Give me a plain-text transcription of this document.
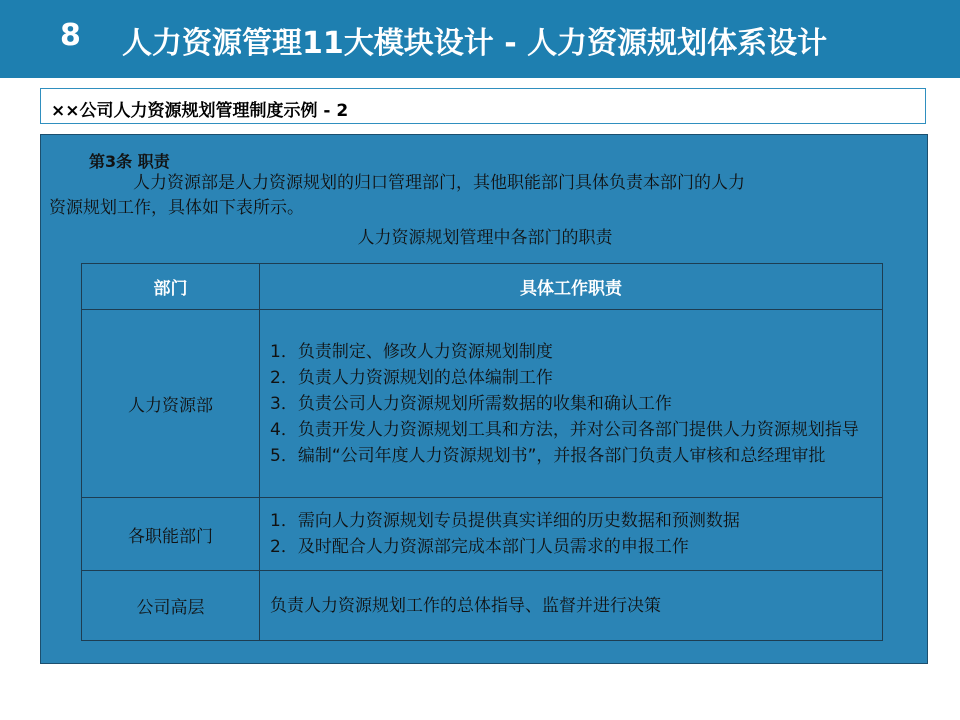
8 人力资源管理11大模块设计 - 人力资源规划体系设计
××公司人力资源规划管理制度示例 - 2
第3条 职责
人力资源部是人力资源规划的归口管理部门，其他职能部门具体负责本部门的人力
资源规划工作，具体如下表所示。
人力资源规划管理中各部门的职责
部门	具体工作职责
人力资源部	1．负责制定、修改人力资源规划制度
2．负责人力资源规划的总体编制工作
3．负责公司人力资源规划所需数据的收集和确认工作
4．负责开发人力资源规划工具和方法，并对公司各部门提供人力资源规划指导
5．编制“公司年度人力资源规划书”，并报各部门负责人审核和总经理审批

各职能部门	1．需向人力资源规划专员提供真实详细的历史数据和预测数据
2．及时配合人力资源部完成本部门人员需求的申报工作

公司高层	负责人力资源规划工作的总体指导、监督并进行决策
